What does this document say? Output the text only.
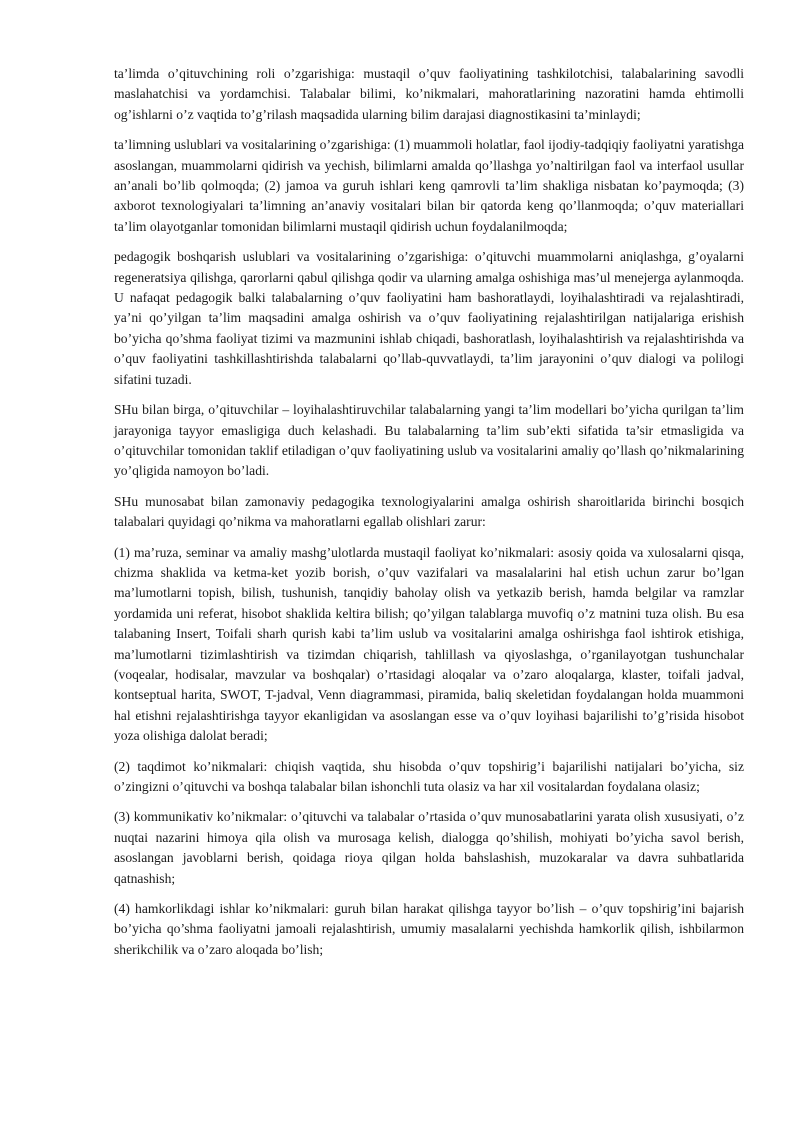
ta’limda o’qituvchining roli o’zgarishiga: mustaqil o’quv faoliyatining tashkilotchisi, talabalarining savodli maslahatchisi va yordamchisi. Talabalar bilimi, ko’nikmalari, mahoratlarining nazoratini hamda ehtimolli og’ishlarni o’z vaqtida to’g’rilash maqsadida ularning bilim darajasi diagnostikasini ta’minlaydi;

ta’limning uslublari va vositalarining o’zgarishiga: (1) muammoli holatlar, faol ijodiy-tadqiqiy faoliyatni yaratishga asoslangan, muammolarni qidirish va yechish, bilimlarni amalda qo’llashga yo’naltirilgan faol va interfaol usullar an’anali bo’lib qolmoqda; (2) jamoa va guruh ishlari keng qamrovli ta’lim shakliga nisbatan ko’paymoqda; (3) axborot texnologiyalari ta’limning an’anaviy vositalari bilan bir qatorda keng qo’llanmoqda; o’quv materiallari ta’lim olayotganlar tomonidan bilimlarni mustaqil qidirish uchun foydalanilmoqda;

pedagogik boshqarish uslublari va vositalarining o’zgarishiga: o’qituvchi muammolarni aniqlashga, g’oyalarni regeneratsiya qilishga, qarorlarni qabul qilishga qodir va ularning amalga oshishiga mas’ul menejerga aylanmoqda. U nafaqat pedagogik balki talabalarning o’quv faoliyatini ham bashoratlaydi, loyihalashtiradi va rejalashtiradi, ya’ni qo’yilgan ta’lim maqsadini amalga oshirish va o’quv faoliyatining rejalashtirilgan natijalariga erishish bo’yicha qo’shma faoliyat tizimi va mazmunini ishlab chiqadi, bashoratlash, loyihalashtirish va rejalashtirishda va o’quv faoliyatini tashkillashtirishda talabalarni qo’llab-quvvatlaydi, ta’lim jarayonini o’quv dialogi va polilogi sifatini tuzadi.

SHu bilan birga, o’qituvchilar – loyihalashtiruvchilar talabalarning yangi ta’lim modellari bo’yicha qurilgan ta’lim jarayoniga tayyor emasligiga duch kelashadi. Bu talabalarning ta’lim sub’ekti sifatida ta’sir etmasligida va o’qituvchilar tomonidan taklif etiladigan o’quv faoliyatining uslub va vositalarini amaliy qo’llash qo’nikmalarining yo’qligida namoyon bo’ladi.

SHu munosabat bilan zamonaviy pedagogika texnologiyalarini amalga oshirish sharoitlarida birinchi bosqich talabalari quyidagi qo’nikma va mahoratlarni egallab olishlari zarur:

(1) ma’ruza, seminar va amaliy mashg’ulotlarda mustaqil faoliyat ko’nikmalari: asosiy qoida va xulosalarni qisqa, chizma shaklida va ketma-ket yozib borish, o’quv vazifalari va masalalarini hal etish uchun zarur bo’lgan ma’lumotlarni topish, bilish, tushunish, tanqidiy baholay olish va yetkazib berish, hamda belgilar va ramzlar yordamida uni referat, hisobot shaklida keltira bilish; qo’yilgan talablarga muvofiq o’z matnini tuza olish. Bu esa talabaning Insert, Toifali sharh qurish kabi ta’lim uslub va vositalarini amalga oshirishga faol ishtirok etishiga, ma’lumotlarni tizimlashtirish va tizimdan chiqarish, tahlillash va qiyoslashga, o’rganilayotgan tushunchalar (voqealar, hodisalar, mavzular va boshqalar) o’rtasidagi aloqalar va o’zaro aloqalarga, klaster, toifali jadval, kontseptual harita, SWOT, T-jadval, Venn diagrammasi, piramida, baliq skeletidan foydalangan holda muammoni hal etishni rejalashtirishga tayyor ekanligidan va asoslangan esse va o’quv loyihasi bajarilishi to’g’risida hisobot yoza olishiga dalolat beradi;

(2) taqdimot ko’nikmalari: chiqish vaqtida, shu hisobda o’quv topshirig’i bajarilishi natijalari bo’yicha, siz o’zingizni o’qituvchi va boshqa talabalar bilan ishonchli tuta olasiz va har xil vositalardan foydalana olasiz;

(3) kommunikativ ko’nikmalar: o’qituvchi va talabalar o’rtasida o’quv munosabatlarini yarata olish xususiyati, o’z nuqtai nazarini himoya qila olish va murosaga kelish, dialogga qo’shilish, mohiyati bo’yicha savol berish, asoslangan javoblarni berish, qoidaga rioya qilgan holda bahslashish, muzokaralar va davra suhbatlarida qatnashish;

(4) hamkorlikdagi ishlar ko’nikmalari: guruh bilan harakat qilishga tayyor bo’lish – o’quv topshirig’ini bajarish bo’yicha qo’shma faoliyatni jamoali rejalashtirish, umumiy masalalarni yechishda hamkorlik qilish, ishbilarmon sherikchilik va o’zaro aloqada bo’lish;
